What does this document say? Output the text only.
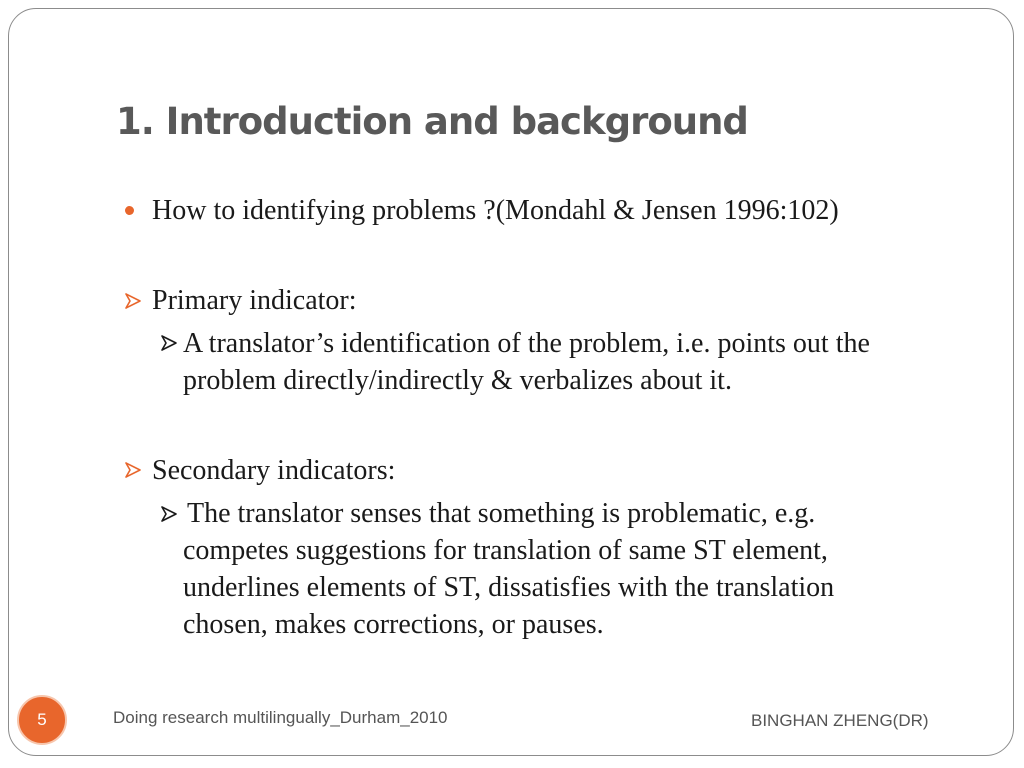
1. Introduction and background
How to identifying problems ?(Mondahl & Jensen 1996:102)
Primary indicator:
A translator’s identification of the problem, i.e. points out the
problem directly/indirectly & verbalizes about it.
Secondary indicators:
The translator senses that something is problematic, e.g.
competes suggestions for translation of same ST element,
underlines elements of ST, dissatisfies with the translation
chosen, makes corrections, or pauses.
5	Doing research multilingually_Durham_2010	BINGHAN ZHENG(DR)
